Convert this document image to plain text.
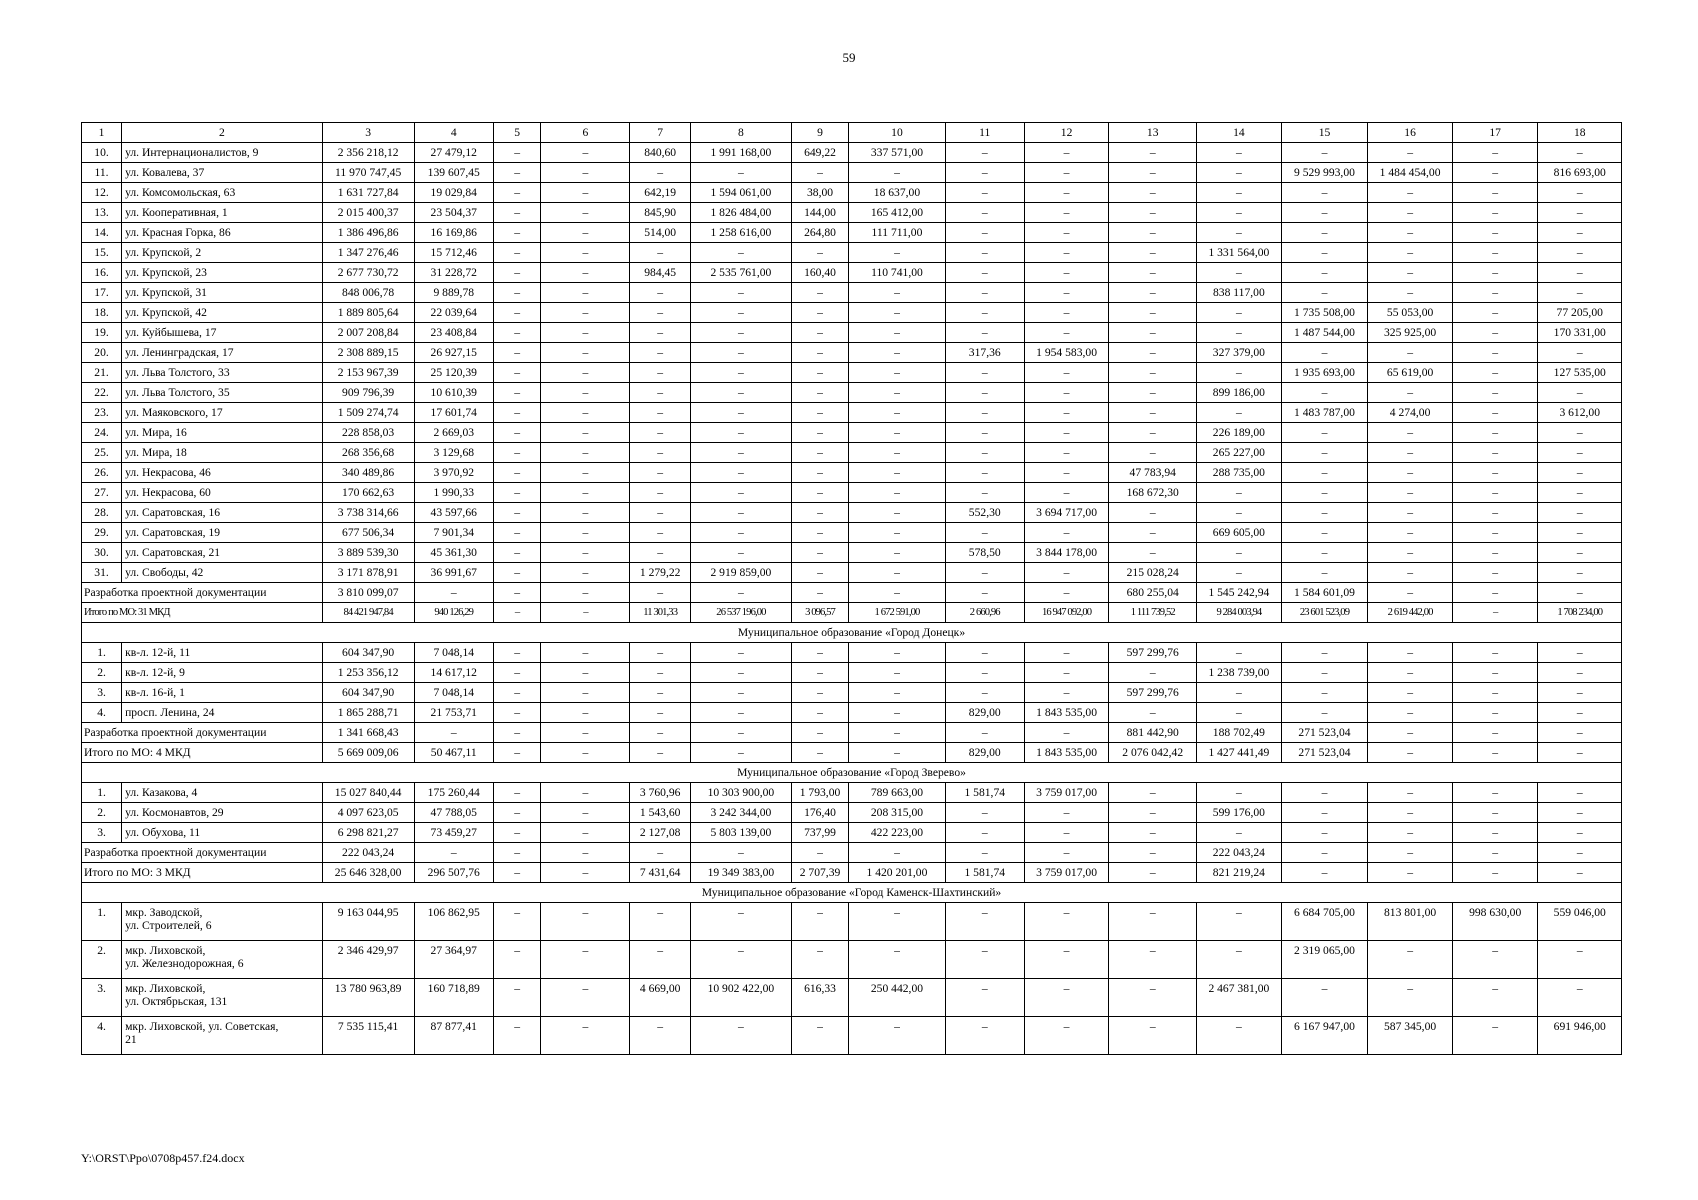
59
1	2	3	4	5	6	7	8	9	10	11	12	13	14	15	16	17	18
10.	ул. Интернационалистов, 9	2 356 218,12	27 479,12	–	–	840,60	1 991 168,00	649,22	337 571,00	–	–	–	–	–	–	–	–
11.	ул. Ковалева, 37	11 970 747,45	139 607,45	–	–	–	–	–	–	–	–	–	–	9 529 993,00	1 484 454,00	–	816 693,00
12.	ул. Комсомольская, 63	1 631 727,84	19 029,84	–	–	642,19	1 594 061,00	38,00	18 637,00	–	–	–	–	–	–	–	–
13.	ул. Кооперативная, 1	2 015 400,37	23 504,37	–	–	845,90	1 826 484,00	144,00	165 412,00	–	–	–	–	–	–	–	–
14.	ул. Красная Горка, 86	1 386 496,86	16 169,86	–	–	514,00	1 258 616,00	264,80	111 711,00	–	–	–	–	–	–	–	–
15.	ул. Крупской, 2	1 347 276,46	15 712,46	–	–	–	–	–	–	–	–	–	1 331 564,00	–	–	–	–
16.	ул. Крупской, 23	2 677 730,72	31 228,72	–	–	984,45	2 535 761,00	160,40	110 741,00	–	–	–	–	–	–	–	–
17.	ул. Крупской, 31	848 006,78	9 889,78	–	–	–	–	–	–	–	–	–	838 117,00	–	–	–	–
18.	ул. Крупской, 42	1 889 805,64	22 039,64	–	–	–	–	–	–	–	–	–	–	1 735 508,00	55 053,00	–	77 205,00
19.	ул. Куйбышева, 17	2 007 208,84	23 408,84	–	–	–	–	–	–	–	–	–	–	1 487 544,00	325 925,00	–	170 331,00
20.	ул. Ленинградская, 17	2 308 889,15	26 927,15	–	–	–	–	–	–	317,36	1 954 583,00	–	327 379,00	–	–	–	–
21.	ул. Льва Толстого, 33	2 153 967,39	25 120,39	–	–	–	–	–	–	–	–	–	–	1 935 693,00	65 619,00	–	127 535,00
22.	ул. Льва Толстого, 35	909 796,39	10 610,39	–	–	–	–	–	–	–	–	–	899 186,00	–	–	–	–
23.	ул. Маяковского, 17	1 509 274,74	17 601,74	–	–	–	–	–	–	–	–	–	–	1 483 787,00	4 274,00	–	3 612,00
24.	ул. Мира, 16	228 858,03	2 669,03	–	–	–	–	–	–	–	–	–	226 189,00	–	–	–	–
25.	ул. Мира, 18	268 356,68	3 129,68	–	–	–	–	–	–	–	–	–	265 227,00	–	–	–	–
26.	ул. Некрасова, 46	340 489,86	3 970,92	–	–	–	–	–	–	–	–	47 783,94	288 735,00	–	–	–	–
27.	ул. Некрасова, 60	170 662,63	1 990,33	–	–	–	–	–	–	–	–	168 672,30	–	–	–	–	–
28.	ул. Саратовская, 16	3 738 314,66	43 597,66	–	–	–	–	–	–	552,30	3 694 717,00	–	–	–	–	–	–
29.	ул. Саратовская, 19	677 506,34	7 901,34	–	–	–	–	–	–	–	–	–	669 605,00	–	–	–	–
30.	ул. Саратовская, 21	3 889 539,30	45 361,30	–	–	–	–	–	–	578,50	3 844 178,00	–	–	–	–	–	–
31.	ул. Свободы, 42	3 171 878,91	36 991,67	–	–	1 279,22	2 919 859,00	–	–	–	–	215 028,24	–	–	–	–	–
Разработка проектной документации		3 810 099,07	–	–	–	–	–	–	–	–	–	680 255,04	1 545 242,94	1 584 601,09	–	–	–
Итого по МО: 31 МКД		84 421 947,84	940 126,29	–	–	11 301,33	26 537 196,00	3 096,57	1 672 591,00	2 660,96	16 947 092,00	1 111 739,52	9 284 003,94	23 601 523,09	2 619 442,00	–	1 708 234,00
Муниципальное образование «Город Донецк»																	
1.	кв-л. 12-й, 11	604 347,90	7 048,14	–	–	–	–	–	–	–	–	597 299,76	–	–	–	–	–
2.	кв-л. 12-й, 9	1 253 356,12	14 617,12	–	–	–	–	–	–	–	–	–	1 238 739,00	–	–	–	–
3.	кв-л. 16-й, 1	604 347,90	7 048,14	–	–	–	–	–	–	–	–	597 299,76	–	–	–	–	–
4.	просп. Ленина, 24	1 865 288,71	21 753,71	–	–	–	–	–	–	829,00	1 843 535,00	–	–	–	–	–	–
Разработка проектной документации		1 341 668,43	–	–	–	–	–	–	–	–	–	881 442,90	188 702,49	271 523,04	–	–	–
Итого по МО: 4 МКД		5 669 009,06	50 467,11	–	–	–	–	–	–	829,00	1 843 535,00	2 076 042,42	1 427 441,49	271 523,04	–	–	–
Муниципальное образование «Город Зверево»																	
1.	ул. Казакова, 4	15 027 840,44	175 260,44	–	–	3 760,96	10 303 900,00	1 793,00	789 663,00	1 581,74	3 759 017,00	–	–	–	–	–	–
2.	ул. Космонавтов, 29	4 097 623,05	47 788,05	–	–	1 543,60	3 242 344,00	176,40	208 315,00	–	–	–	599 176,00	–	–	–	–
3.	ул. Обухова, 11	6 298 821,27	73 459,27	–	–	2 127,08	5 803 139,00	737,99	422 223,00	–	–	–	–	–	–	–	–
Разработка проектной документации		222 043,24	–	–	–	–	–	–	–	–	–	–	222 043,24	–	–	–	–
Итого по МО: 3 МКД		25 646 328,00	296 507,76	–	–	7 431,64	19 349 383,00	2 707,39	1 420 201,00	1 581,74	3 759 017,00	–	821 219,24	–	–	–	–
Муниципальное образование «Город Каменск-Шахтинский»																	
1.	мкр. Заводской,
ул. Строителей, 6	9 163 044,95	106 862,95	–	–	–	–	–	–	–	–	–	–	6 684 705,00	813 801,00	998 630,00	559 046,00
2.	мкр. Лиховской,
ул. Железнодорожная, 6	2 346 429,97	27 364,97	–	–	–	–	–	–	–	–	–	–	2 319 065,00	–	–	–
3.	мкр. Лиховской,
ул. Октябрьская, 131	13 780 963,89	160 718,89	–	–	4 669,00	10 902 422,00	616,33	250 442,00	–	–	–	2 467 381,00	–	–	–	–
4.	мкр. Лиховской, ул. Советская,
21	7 535 115,41	87 877,41	–	–	–	–	–	–	–	–	–	–	6 167 947,00	587 345,00	–	691 946,00
Y:\ORST\Ppo\0708p457.f24.docx
